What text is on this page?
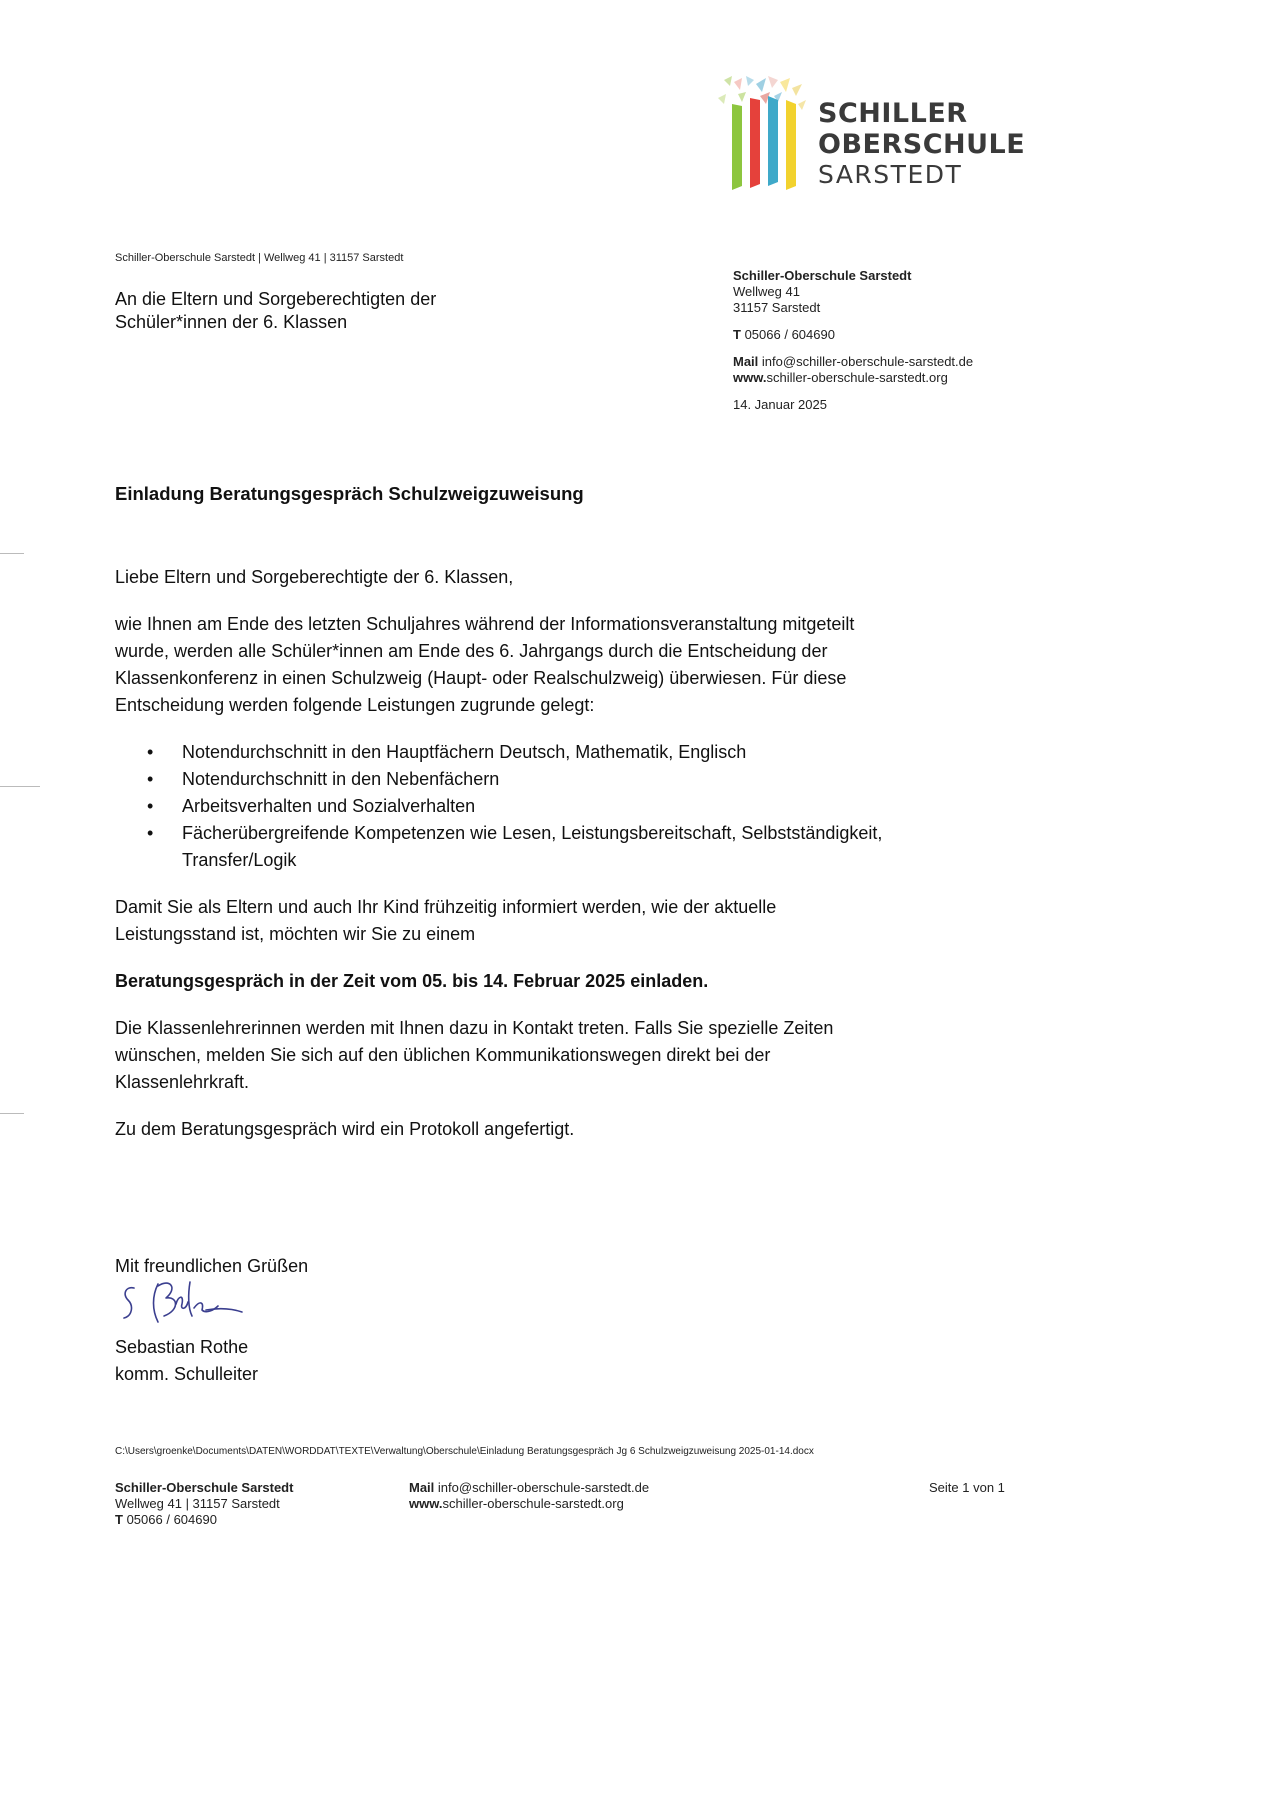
SCHILLER
OBERSCHULE
SARSTEDT
Schiller-Oberschule Sarstedt | Wellweg 41 | 31157 Sarstedt
An die Eltern und Sorgeberechtigten der
Schüler*innen der 6. Klassen
Schiller-Oberschule Sarstedt
Wellweg 41
31157 Sarstedt
T 05066 / 604690
Mail info@schiller-oberschule-sarstedt.de
www.schiller-oberschule-sarstedt.org
14. Januar 2025
Einladung Beratungsgespräch Schulzweigzuweisung

Liebe Eltern und Sorgeberechtigte der 6. Klassen,

wie Ihnen am Ende des letzten Schuljahres während der Informationsveranstaltung mitgeteilt
wurde, werden alle Schüler*innen am Ende des 6. Jahrgangs durch die Entscheidung der
Klassenkonferenz in einen Schulzweig (Haupt- oder Realschulzweig) überwiesen. Für diese
Entscheidung werden folgende Leistungen zugrunde gelegt:
• Notendurchschnitt in den Hauptfächern Deutsch, Mathematik, Englisch
• Notendurchschnitt in den Nebenfächern
• Arbeitsverhalten und Sozialverhalten
• Fächerübergreifende Kompetenzen wie Lesen, Leistungsbereitschaft, Selbstständigkeit,
Transfer/Logik
Damit Sie als Eltern und auch Ihr Kind frühzeitig informiert werden, wie der aktuelle
Leistungsstand ist, möchten wir Sie zu einem

Beratungsgespräch in der Zeit vom 05. bis 14. Februar 2025 einladen.

Die Klassenlehrerinnen werden mit Ihnen dazu in Kontakt treten. Falls Sie spezielle Zeiten
wünschen, melden Sie sich auf den üblichen Kommunikationswegen direkt bei der
Klassenlehrkraft.

Zu dem Beratungsgespräch wird ein Protokoll angefertigt.

Mit freundlichen Grüßen
Sebastian Rothe
komm. Schulleiter
C:\Users\groenke\Documents\DATEN\WORDDAT\TEXTE\Verwaltung\Oberschule\Einladung Beratungsgespräch Jg 6 Schulzweigzuweisung 2025-01-14.docx
Schiller-Oberschule Sarstedt
Wellweg 41 | 31157 Sarstedt
T 05066 / 604690
Mail info@schiller-oberschule-sarstedt.de
www.schiller-oberschule-sarstedt.org
Seite 1 von 1
